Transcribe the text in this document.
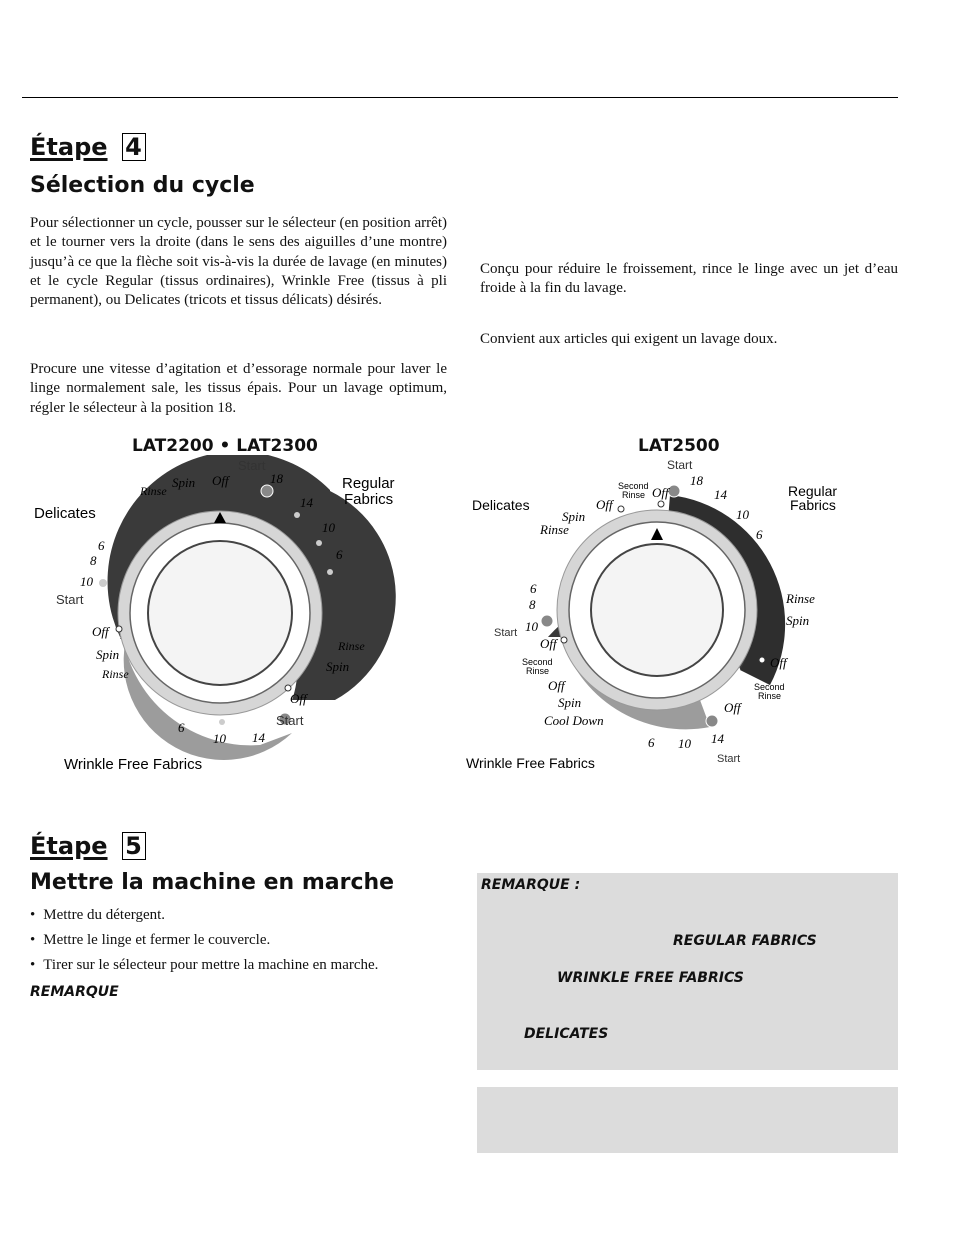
Étape 4
Sélection du cycle
Pour sélectionner un cycle, pousser sur le sélecteur (en position arrêt) et le tourner vers la droite (dans le sens des aiguilles d’une montre) jusqu’à ce que la flèche soit vis-à-vis la durée de lavage (en minutes) et le cycle Regular (tissus ordinaires), Wrinkle Free (tissus à pli permanent), ou Delicates (tricots et tissus délicats) désirés.
Procure une vitesse d’agitation et d’essorage normale pour laver le linge normalement sale, les tissus épais. Pour un lavage optimum, régler le sélecteur à la position 18.
Conçu pour réduire le froissement, rince le linge avec un jet d’eau froide à la fin du lavage.
Convient aux articles qui exigent un lavage doux.
LAT2200 • LAT2300
Start
18
14
10
6
Regular
Fabrics
Off
Spin
Rinse
Delicates
6
8
10
Start
Off
Spin
Rinse
Rinse
Spin
Off
Start
6
10 14
Wrinkle Free Fabrics
LAT2500
Start
18
14
10
6
Regular
Fabrics
Second
Rinse Off
Delicates	Off
Spin
Rinse
6
8
10
Start
Off
Second
Rinse
Off
Spin
Cool Down
Rinse
Spin
Off
Second
Rinse
Off
6 10 14
Start
Wrinkle Free Fabrics
Étape 5
Mettre la machine en marche
• Mettre du détergent.
• Mettre le linge et fermer le couvercle.
• Tirer sur le sélecteur pour mettre la machine en marche.
REMARQUE
REMARQUE :
REGULAR FABRICS
WRINKLE FREE FABRICS
DELICATES
